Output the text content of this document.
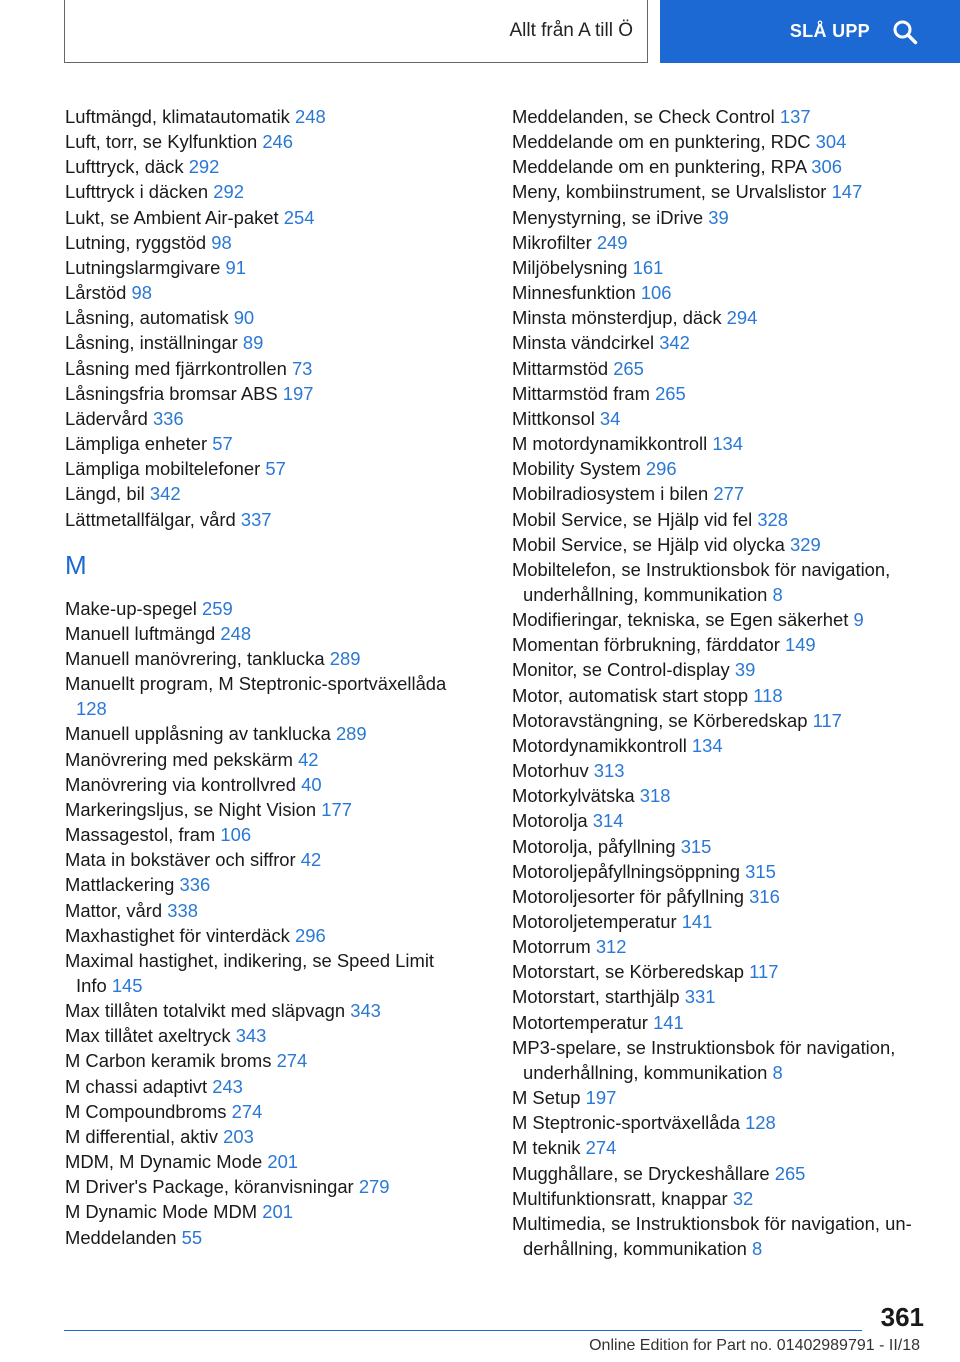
Allt från A till Ö	SLÅ UPP
Luftmängd, klimatautomatik 248
Luft, torr, se Kylfunktion 246
Lufttryck, däck 292
Lufttryck i däcken 292
Lukt, se Ambient Air-paket 254
Lutning, ryggstöd 98
Lutningslarmgivare 91
Lårstöd 98
Låsning, automatisk 90
Låsning, inställningar 89
Låsning med fjärrkontrollen 73
Låsningsfria bromsar ABS 197
Lädervård 336
Lämpliga enheter 57
Lämpliga mobiltelefoner 57
Längd, bil 342
Lättmetallfälgar, vård 337
M
Make-up-spegel 259
Manuell luftmängd 248
Manuell manövrering, tanklucka 289
Manuellt program, M Steptronic-sportväxellåda 128
Manuell upplåsning av tanklucka 289
Manövrering med pekskärm 42
Manövrering via kontrollvred 40
Markeringsljus, se Night Vision 177
Massagestol, fram 106
Mata in bokstäver och siffror 42
Mattlackering 336
Mattor, vård 338
Maxhastighet för vinterdäck 296
Maximal hastighet, indikering, se Speed Limit Info 145
Max tillåten totalvikt med släpvagn 343
Max tillåtet axeltryck 343
M Carbon keramik broms 274
M chassi adaptivt 243
M Compoundbroms 274
M differential, aktiv 203
MDM, M Dynamic Mode 201
M Driver's Package, köranvisningar 279
M Dynamic Mode MDM 201
Meddelanden 55
Meddelanden, se Check Control 137
Meddelande om en punktering, RDC 304
Meddelande om en punktering, RPA 306
Meny, kombiinstrument, se Urvalslistor 147
Menystyrning, se iDrive 39
Mikrofilter 249
Miljöbelysning 161
Minnesfunktion 106
Minsta mönsterdjup, däck 294
Minsta vändcirkel 342
Mittarmstöd 265
Mittarmstöd fram 265
Mittkonsol 34
M motordynamikkontroll 134
Mobility System 296
Mobilradiosystem i bilen 277
Mobil Service, se Hjälp vid fel 328
Mobil Service, se Hjälp vid olycka 329
Mobiltelefon, se Instruktionsbok för navigation, underhållning, kommunikation 8
Modifieringar, tekniska, se Egen säkerhet 9
Momentan förbrukning, färddator 149
Monitor, se Control-display 39
Motor, automatisk start stopp 118
Motoravstängning, se Körberedskap 117
Motordynamikkontroll 134
Motorhuv 313
Motorkylvätska 318
Motorolja 314
Motorolja, påfyllning 315
Motoroljepåfyllningsöppning 315
Motoroljesorter för påfyllning 316
Motoroljetemperatur 141
Motorrum 312
Motorstart, se Körberedskap 117
Motorstart, starthjälp 331
Motortemperatur 141
MP3-spelare, se Instruktionsbok för navigation, underhållning, kommunikation 8
M Setup 197
M Steptronic-sportväxellåda 128
M teknik 274
Mugghållare, se Dryckeshållare 265
Multifunktionsratt, knappar 32
Multimedia, se Instruktionsbok för navigation, underhållning, kommunikation 8
361
Online Edition for Part no. 01402989791 - II/18
